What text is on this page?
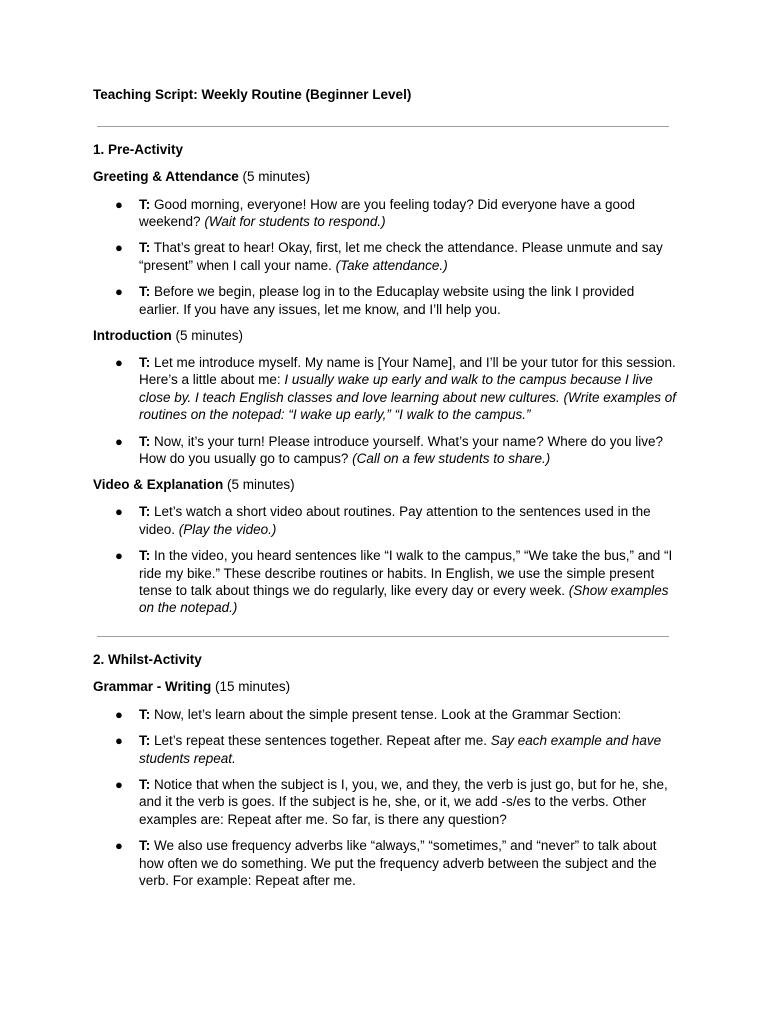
Teaching Script: Weekly Routine (Beginner Level)

1. Pre-Activity

Greeting & Attendance (5 minutes)

● T: Good morning, everyone! How are you feeling today? Did everyone have a good weekend? (Wait for students to respond.)
● T: That’s great to hear! Okay, first, let me check the attendance. Please unmute and say “present” when I call your name. (Take attendance.)
● T: Before we begin, please log in to the Educaplay website using the link I provided earlier. If you have any issues, let me know, and I’ll help you.

Introduction (5 minutes)

● T: Let me introduce myself. My name is [Your Name], and I’ll be your tutor for this session. Here’s a little about me: I usually wake up early and walk to the campus because I live close by. I teach English classes and love learning about new cultures. (Write examples of routines on the notepad: “I wake up early,” “I walk to the campus.”
● T: Now, it’s your turn! Please introduce yourself. What’s your name? Where do you live? How do you usually go to campus? (Call on a few students to share.)

Video & Explanation (5 minutes)

● T: Let’s watch a short video about routines. Pay attention to the sentences used in the video. (Play the video.)
● T: In the video, you heard sentences like “I walk to the campus,” “We take the bus,” and “I ride my bike.” These describe routines or habits. In English, we use the simple present tense to talk about things we do regularly, like every day or every week. (Show examples on the notepad.)

2. Whilst-Activity

Grammar - Writing (15 minutes)

● T: Now, let’s learn about the simple present tense. Look at the Grammar Section:
● T: Let’s repeat these sentences together. Repeat after me. Say each example and have students repeat.
● T: Notice that when the subject is I, you, we, and they, the verb is just go, but for he, she, and it the verb is goes. If the subject is he, she, or it, we add -s/es to the verbs. Other examples are: Repeat after me. So far, is there any question?
● T: We also use frequency adverbs like “always,” “sometimes,” and “never” to talk about how often we do something. We put the frequency adverb between the subject and the verb. For example: Repeat after me.
